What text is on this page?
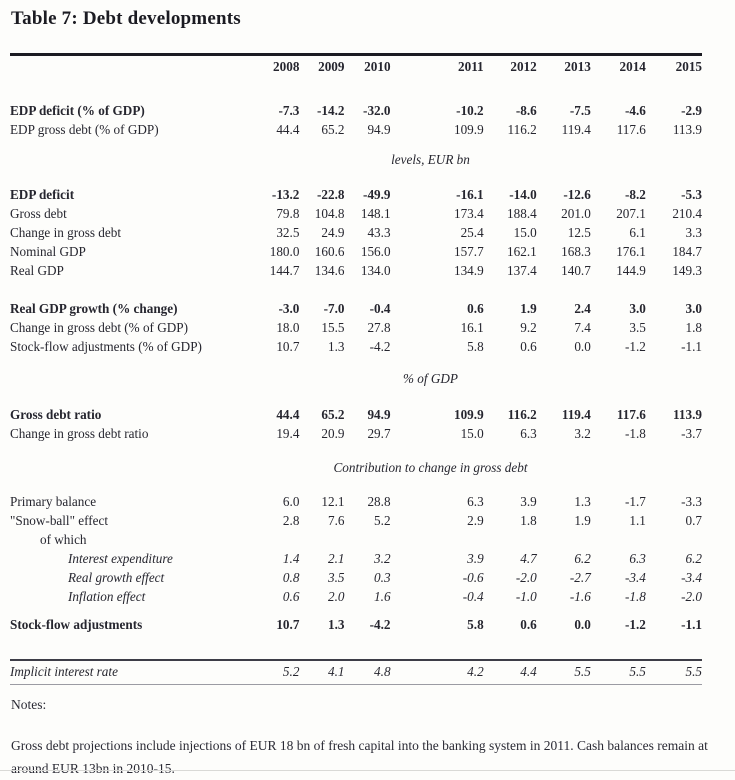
Table 7: Debt developments
	2008	2009	2010		2011	2012	2013	2014	2015

EDP deficit (% of GDP)	-7.3	-14.2	-32.0		-10.2	-8.6	-7.5	-4.6	-2.9
EDP gross debt (% of GDP)	44.4	65.2	94.9		109.9	116.2	119.4	117.6	113.9

levels, EUR bn									

EDP deficit	-13.2	-22.8	-49.9		-16.1	-14.0	-12.6	-8.2	-5.3
Gross debt	79.8	104.8	148.1		173.4	188.4	201.0	207.1	210.4
Change in gross debt	32.5	24.9	43.3		25.4	15.0	12.5	6.1	3.3
Nominal GDP	180.0	160.6	156.0		157.7	162.1	168.3	176.1	184.7
Real GDP	144.7	134.6	134.0		134.9	137.4	140.7	144.9	149.3

Real GDP growth (% change)	-3.0	-7.0	-0.4		0.6	1.9	2.4	3.0	3.0
Change in gross debt (% of GDP)	18.0	15.5	27.8		16.1	9.2	7.4	3.5	1.8
Stock-flow adjustments (% of GDP)	10.7	1.3	-4.2		5.8	0.6	0.0	-1.2	-1.1

% of GDP									

Gross debt ratio	44.4	65.2	94.9		109.9	116.2	119.4	117.6	113.9
Change in gross debt ratio	19.4	20.9	29.7		15.0	6.3	3.2	-1.8	-3.7

Contribution to change in gross debt									

Primary balance	6.0	12.1	28.8		6.3	3.9	1.3	-1.7	-3.3
"Snow-ball" effect	2.8	7.6	5.2		2.9	1.8	1.9	1.1	0.7
of which									
Interest expenditure	1.4	2.1	3.2		3.9	4.7	6.2	6.3	6.2
Real growth effect	0.8	3.5	0.3		-0.6	-2.0	-2.7	-3.4	-3.4
Inflation effect	0.6	2.0	1.6		-0.4	-1.0	-1.6	-1.8	-2.0

Stock-flow adjustments	10.7	1.3	-4.2		5.8	0.6	0.0	-1.2	-1.1

Implicit interest rate	5.2	4.1	4.8		4.2	4.4	5.5	5.5	5.5

Notes:

Gross debt projections include injections of EUR 18 bn of fresh capital into the banking system in 2011. Cash balances remain at around EUR 13bn in 2010-15.
